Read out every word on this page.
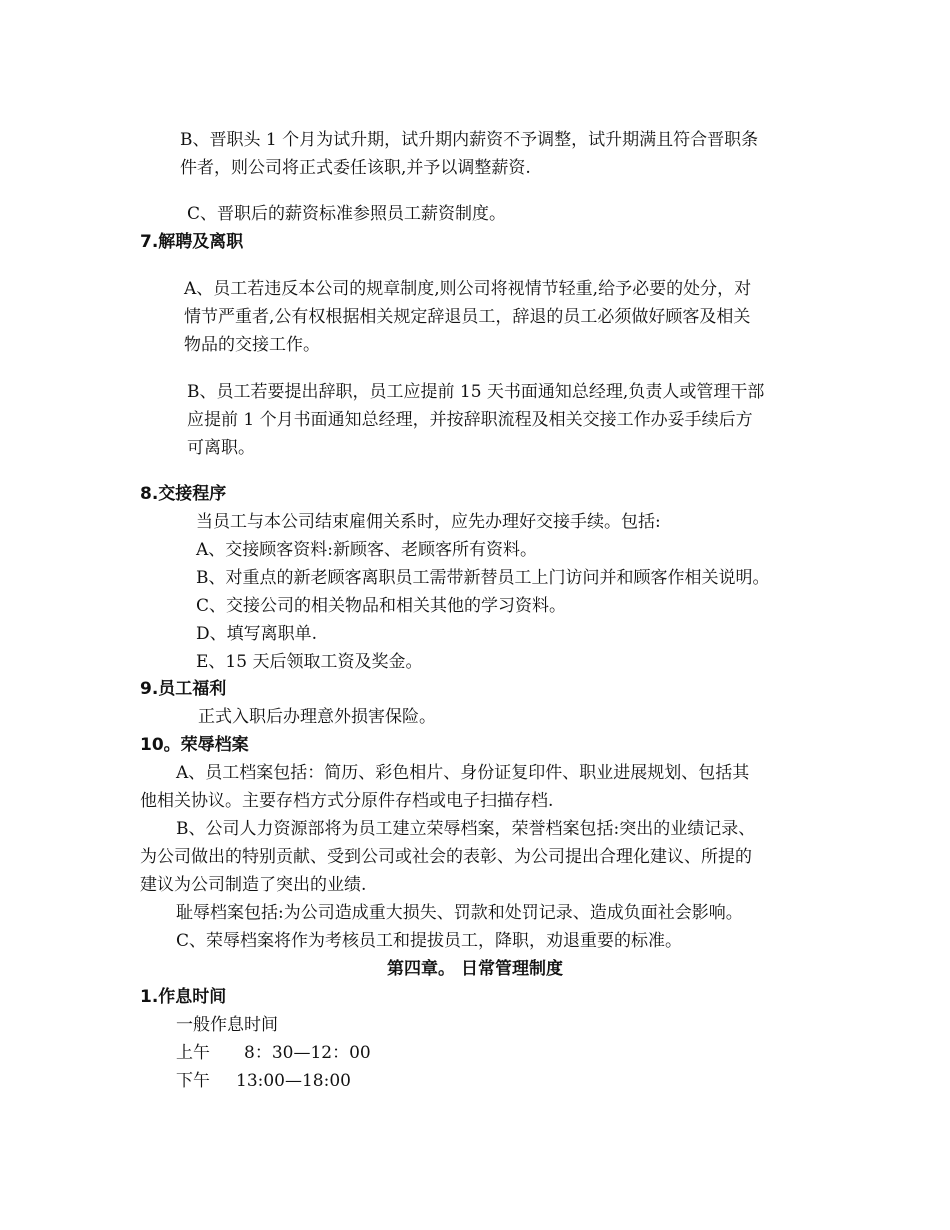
B、晋职头 1 个月为试升期，试升期内薪资不予调整，试升期满且符合晋职条
件者，则公司将正式委任该职,并予以调整薪资.
C、晋职后的薪资标准参照员工薪资制度。
7.解聘及离职
A、员工若违反本公司的规章制度,则公司将视情节轻重,给予必要的处分，对
情节严重者,公有权根据相关规定辞退员工，辞退的员工必须做好顾客及相关
物品的交接工作。
B、员工若要提出辞职，员工应提前 15 天书面通知总经理,负责人或管理干部
应提前 1 个月书面通知总经理，并按辞职流程及相关交接工作办妥手续后方
可离职。
8.交接程序
当员工与本公司结束雇佣关系时，应先办理好交接手续。包括:
A、交接顾客资料:新顾客、老顾客所有资料。
B、对重点的新老顾客离职员工需带新替员工上门访问并和顾客作相关说明。
C、交接公司的相关物品和相关其他的学习资料。
D、填写离职单.
E、15 天后领取工资及奖金。
9.员工福利
正式入职后办理意外损害保险。
10。荣辱档案
A、员工档案包括：简历、彩色相片、身份证复印件、职业进展规划、包括其
他相关协议。主要存档方式分原件存档或电子扫描存档.
B、公司人力资源部将为员工建立荣辱档案，荣誉档案包括:突出的业绩记录、
为公司做出的特别贡献、受到公司或社会的表彰、为公司提出合理化建议、所提的
建议为公司制造了突出的业绩.
耻辱档案包括:为公司造成重大损失、罚款和处罚记录、造成负面社会影响。
C、荣辱档案将作为考核员工和提拔员工，降职，劝退重要的标准。
第四章。 日常管理制度
1.作息时间
一般作息时间
上午 8：30—12：00
下午 13:00—18:00
